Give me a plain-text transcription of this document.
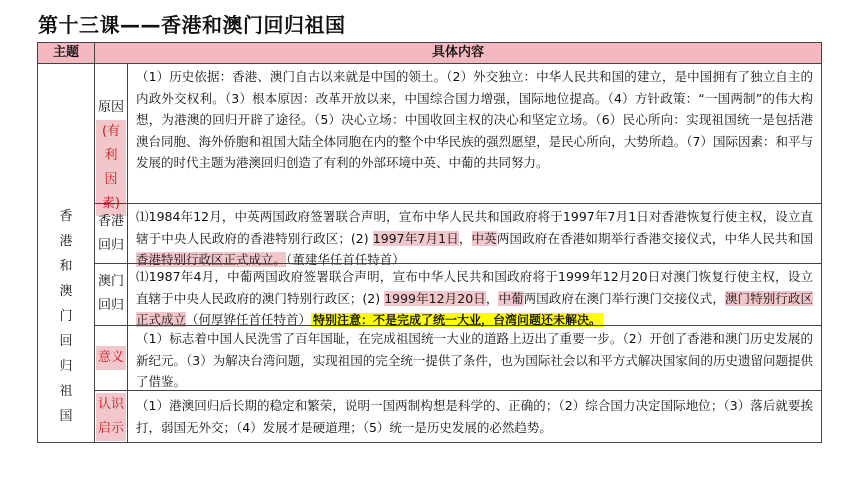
第十三课——香港和澳门回归祖国
主题	具体内容
香港和澳门回归祖国
原因
(有利
因素)
（1）历史依据：香港、澳门自古以来就是中国的领土。（2）外交独立：中华人民共和国的建立，是中国拥有了独立自主的内政外交权利。（3）根本原因：改革开放以来，中国综合国力增强，国际地位提高。（4）方针政策：“一国两制”的伟大构想，为港澳的回归开辟了途径。（5）决心立场：中国收回主权的决心和坚定立场。（6）民心所向：实现祖国统一是包括港澳台同胞、海外侨胞和祖国大陆全体同胞在内的整个中华民族的强烈愿望，是民心所向，大势所趋。（7）国际因素：和平与发展的时代主题为港澳回归创造了有利的外部环境中英、中葡的共同努力。
香港
回归
⑴1984年12月，中英两国政府签署联合声明，宣布中华人民共和国政府将于1997年7月1日对香港恢复行使主权，设立直辖于中央人民政府的香港特别行政区；(2) 1997年7月1日，中英两国政府在香港如期举行香港交接仪式，中华人民共和国香港特别行政区正式成立。（董建华任首任特首）
澳门
回归
⑴1987年4月，中葡两国政府签署联合声明，宣布中华人民共和国政府将于1999年12月20日对澳门恢复行使主权，设立直辖于中央人民政府的澳门特别行政区；(2) 1999年12月20日，中葡两国政府在澳门举行澳门交接仪式，澳门特别行政区正式成立（何厚铧任首任特首） 特别注意：不是完成了统一大业，台湾问题还未解决。
意义
（1）标志着中国人民洗雪了百年国耻，在完成祖国统一大业的道路上迈出了重要一步。（2）开创了香港和澳门历史发展的新纪元。（3）为解决台湾问题，实现祖国的完全统一提供了条件，也为国际社会以和平方式解决国家间的历史遗留问题提供了借鉴。
认识
启示
（1）港澳回归后长期的稳定和繁荣，说明一国两制构想是科学的、正确的；（2）综合国力决定国际地位；（3）落后就要挨打，弱国无外交；（4）发展才是硬道理；（5）统一是历史发展的必然趋势。
